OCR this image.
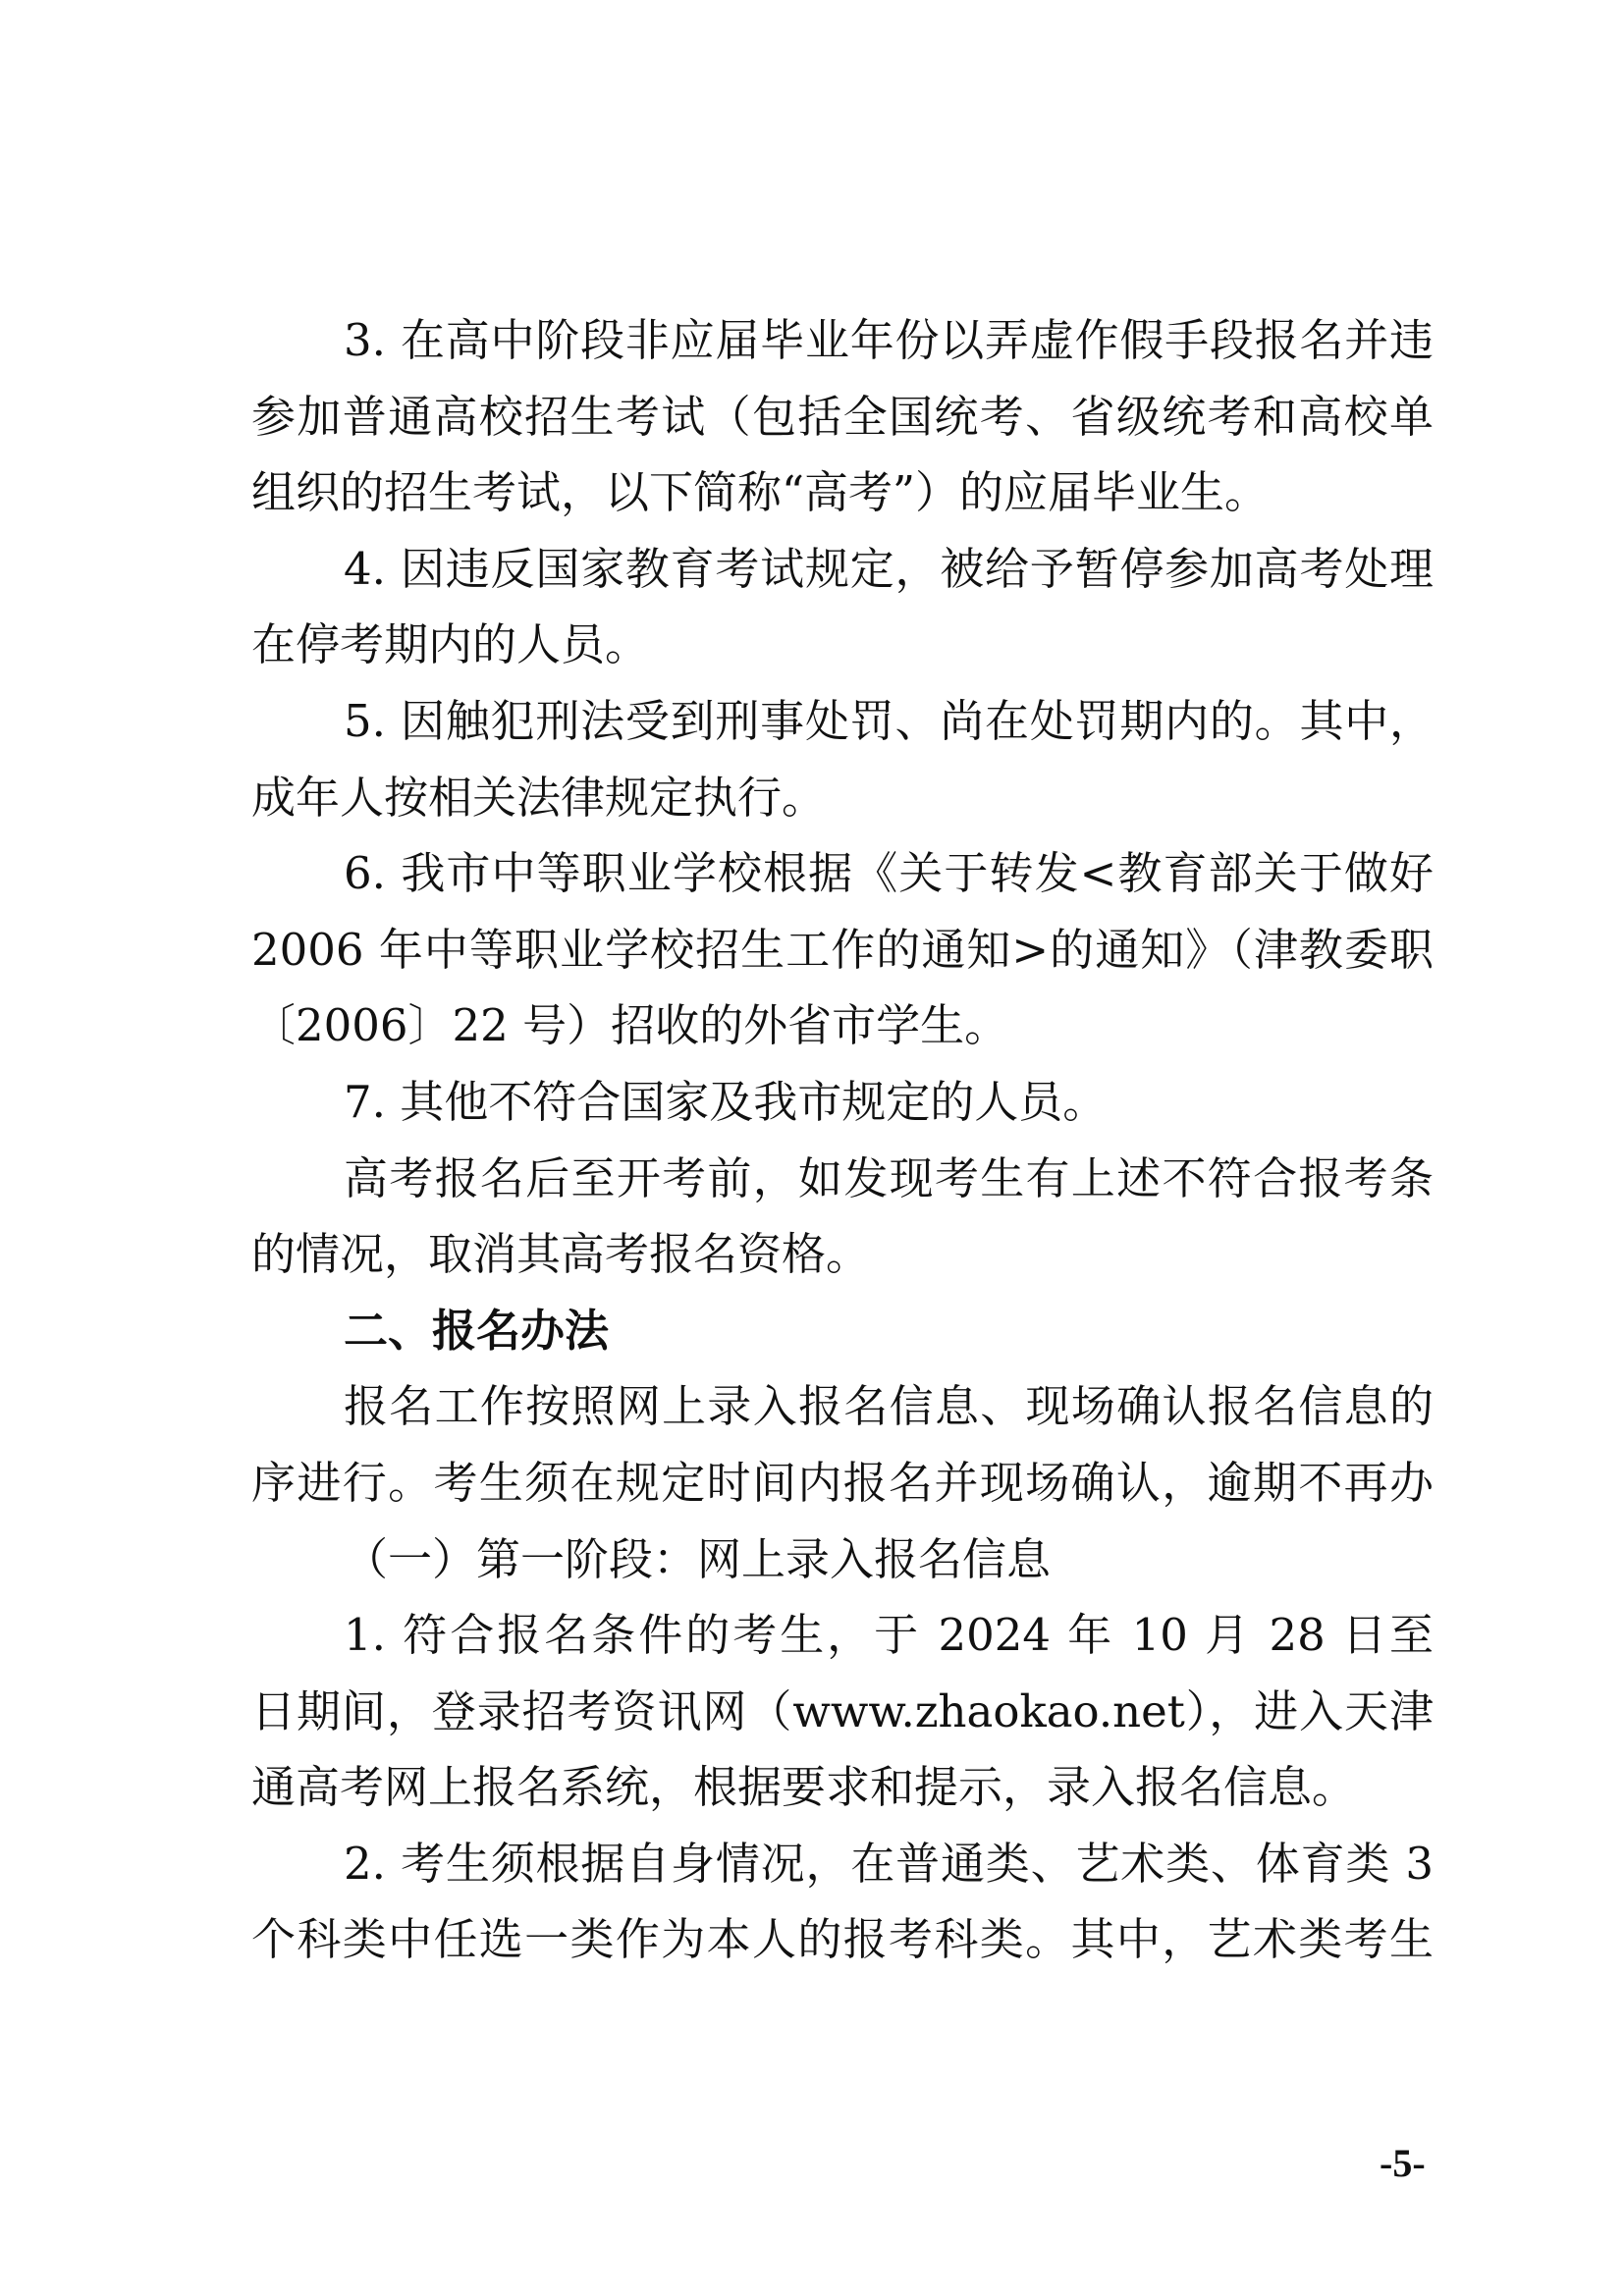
3. 在高中阶段非应届毕业年份以弄虚作假手段报名并违
参加普通高校招生考试（包括全国统考、省级统考和高校单
组织的招生考试，以下简称“高考”）的应届毕业生。
4. 因违反国家教育考试规定，被给予暂停参加高考处理
在停考期内的人员。
5. 因触犯刑法受到刑事处罚、尚在处罚期内的。其中，
成年人按相关法律规定执行。
6. 我市中等职业学校根据《关于转发<教育部关于做好
2006 年中等职业学校招生工作的通知>的通知》（津教委职
〔2006〕22 号）招收的外省市学生。
7. 其他不符合国家及我市规定的人员。
高考报名后至开考前，如发现考生有上述不符合报考条
的情况，取消其高考报名资格。
二、报名办法
报名工作按照网上录入报名信息、现场确认报名信息的
序进行。考生须在规定时间内报名并现场确认，逾期不再办
（一）第一阶段：网上录入报名信息
1. 符合报名条件的考生，于 2024 年 10 月 28 日至
日期间，登录招考资讯网（www.zhaokao.net），进入天津
通高考网上报名系统，根据要求和提示，录入报名信息。
2. 考生须根据自身情况，在普通类、艺术类、体育类 3
个科类中任选一类作为本人的报考科类。其中，艺术类考生
-5-
